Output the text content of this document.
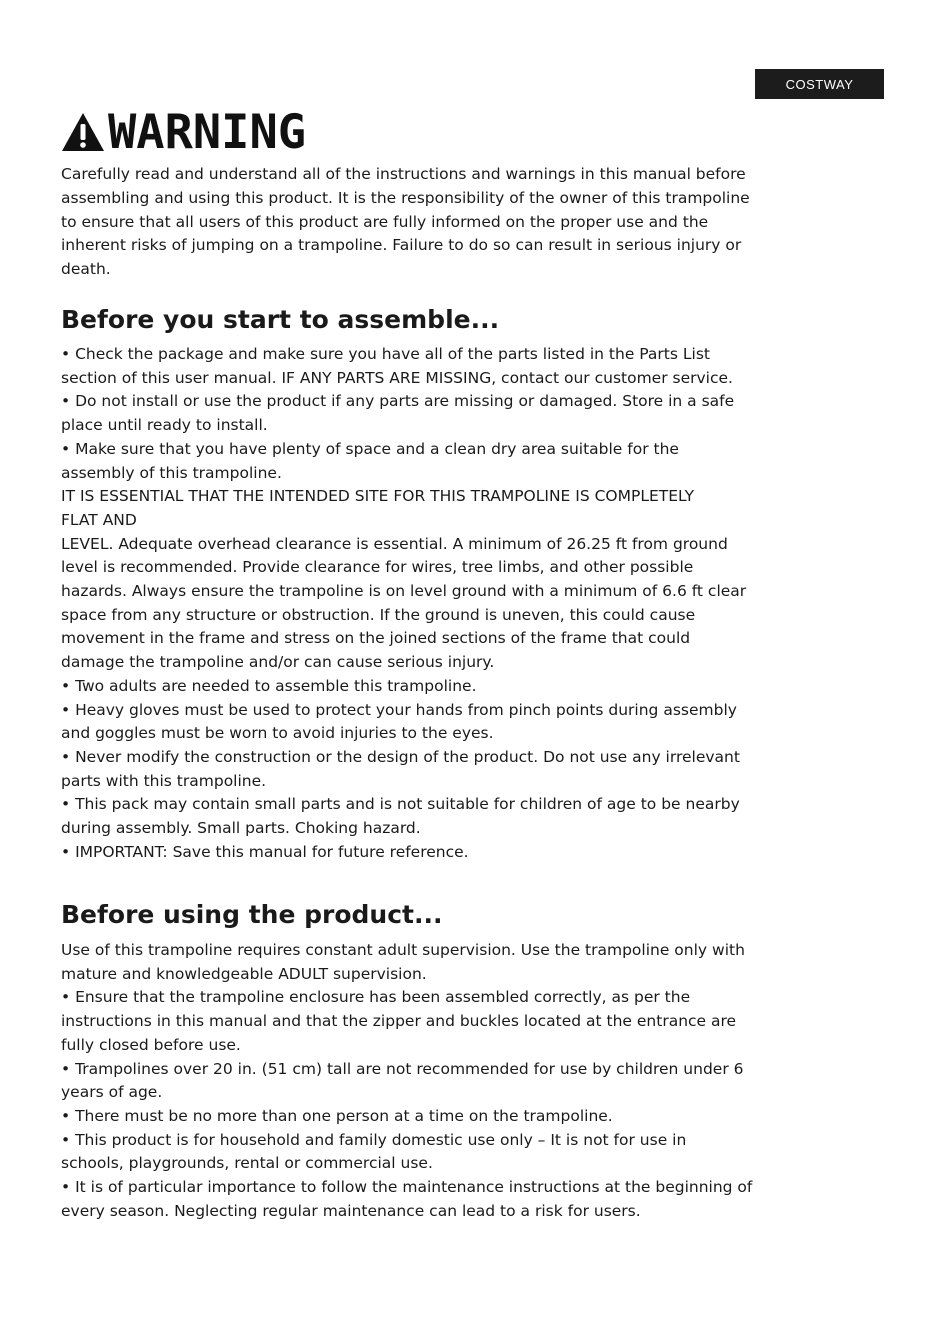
COSTWAY
WARNING

Carefully read and understand all of the instructions and warnings in this manual before
assembling and using this product. It is the responsibility of the owner of this trampoline
to ensure that all users of this product are fully informed on the proper use and the
inherent risks of jumping on a trampoline. Failure to do so can result in serious injury or
death.

Before you start to assemble...

• Check the package and make sure you have all of the parts listed in the Parts List
section of this user manual. IF ANY PARTS ARE MISSING, contact our customer service.
• Do not install or use the product if any parts are missing or damaged. Store in a safe
place until ready to install.
• Make sure that you have plenty of space and a clean dry area suitable for the
assembly of this trampoline.
IT IS ESSENTIAL THAT THE INTENDED SITE FOR THIS TRAMPOLINE IS COMPLETELY
FLAT AND
LEVEL. Adequate overhead clearance is essential. A minimum of 26.25 ft from ground
level is recommended. Provide clearance for wires, tree limbs, and other possible
hazards. Always ensure the trampoline is on level ground with a minimum of 6.6 ft clear
space from any structure or obstruction. If the ground is uneven, this could cause
movement in the frame and stress on the joined sections of the frame that could
damage the trampoline and/or can cause serious injury.
• Two adults are needed to assemble this trampoline.
• Heavy gloves must be used to protect your hands from pinch points during assembly
and goggles must be worn to avoid injuries to the eyes.
• Never modify the construction or the design of the product. Do not use any irrelevant
parts with this trampoline.
• This pack may contain small parts and is not suitable for children of age to be nearby
during assembly. Small parts. Choking hazard.
• IMPORTANT: Save this manual for future reference.

Before using the product...

Use of this trampoline requires constant adult supervision. Use the trampoline only with
mature and knowledgeable ADULT supervision.
• Ensure that the trampoline enclosure has been assembled correctly, as per the
instructions in this manual and that the zipper and buckles located at the entrance are
fully closed before use.
• Trampolines over 20 in. (51 cm) tall are not recommended for use by children under 6
years of age.
• There must be no more than one person at a time on the trampoline.
• This product is for household and family domestic use only – It is not for use in
schools, playgrounds, rental or commercial use.
• It is of particular importance to follow the maintenance instructions at the beginning of
every season. Neglecting regular maintenance can lead to a risk for users.
